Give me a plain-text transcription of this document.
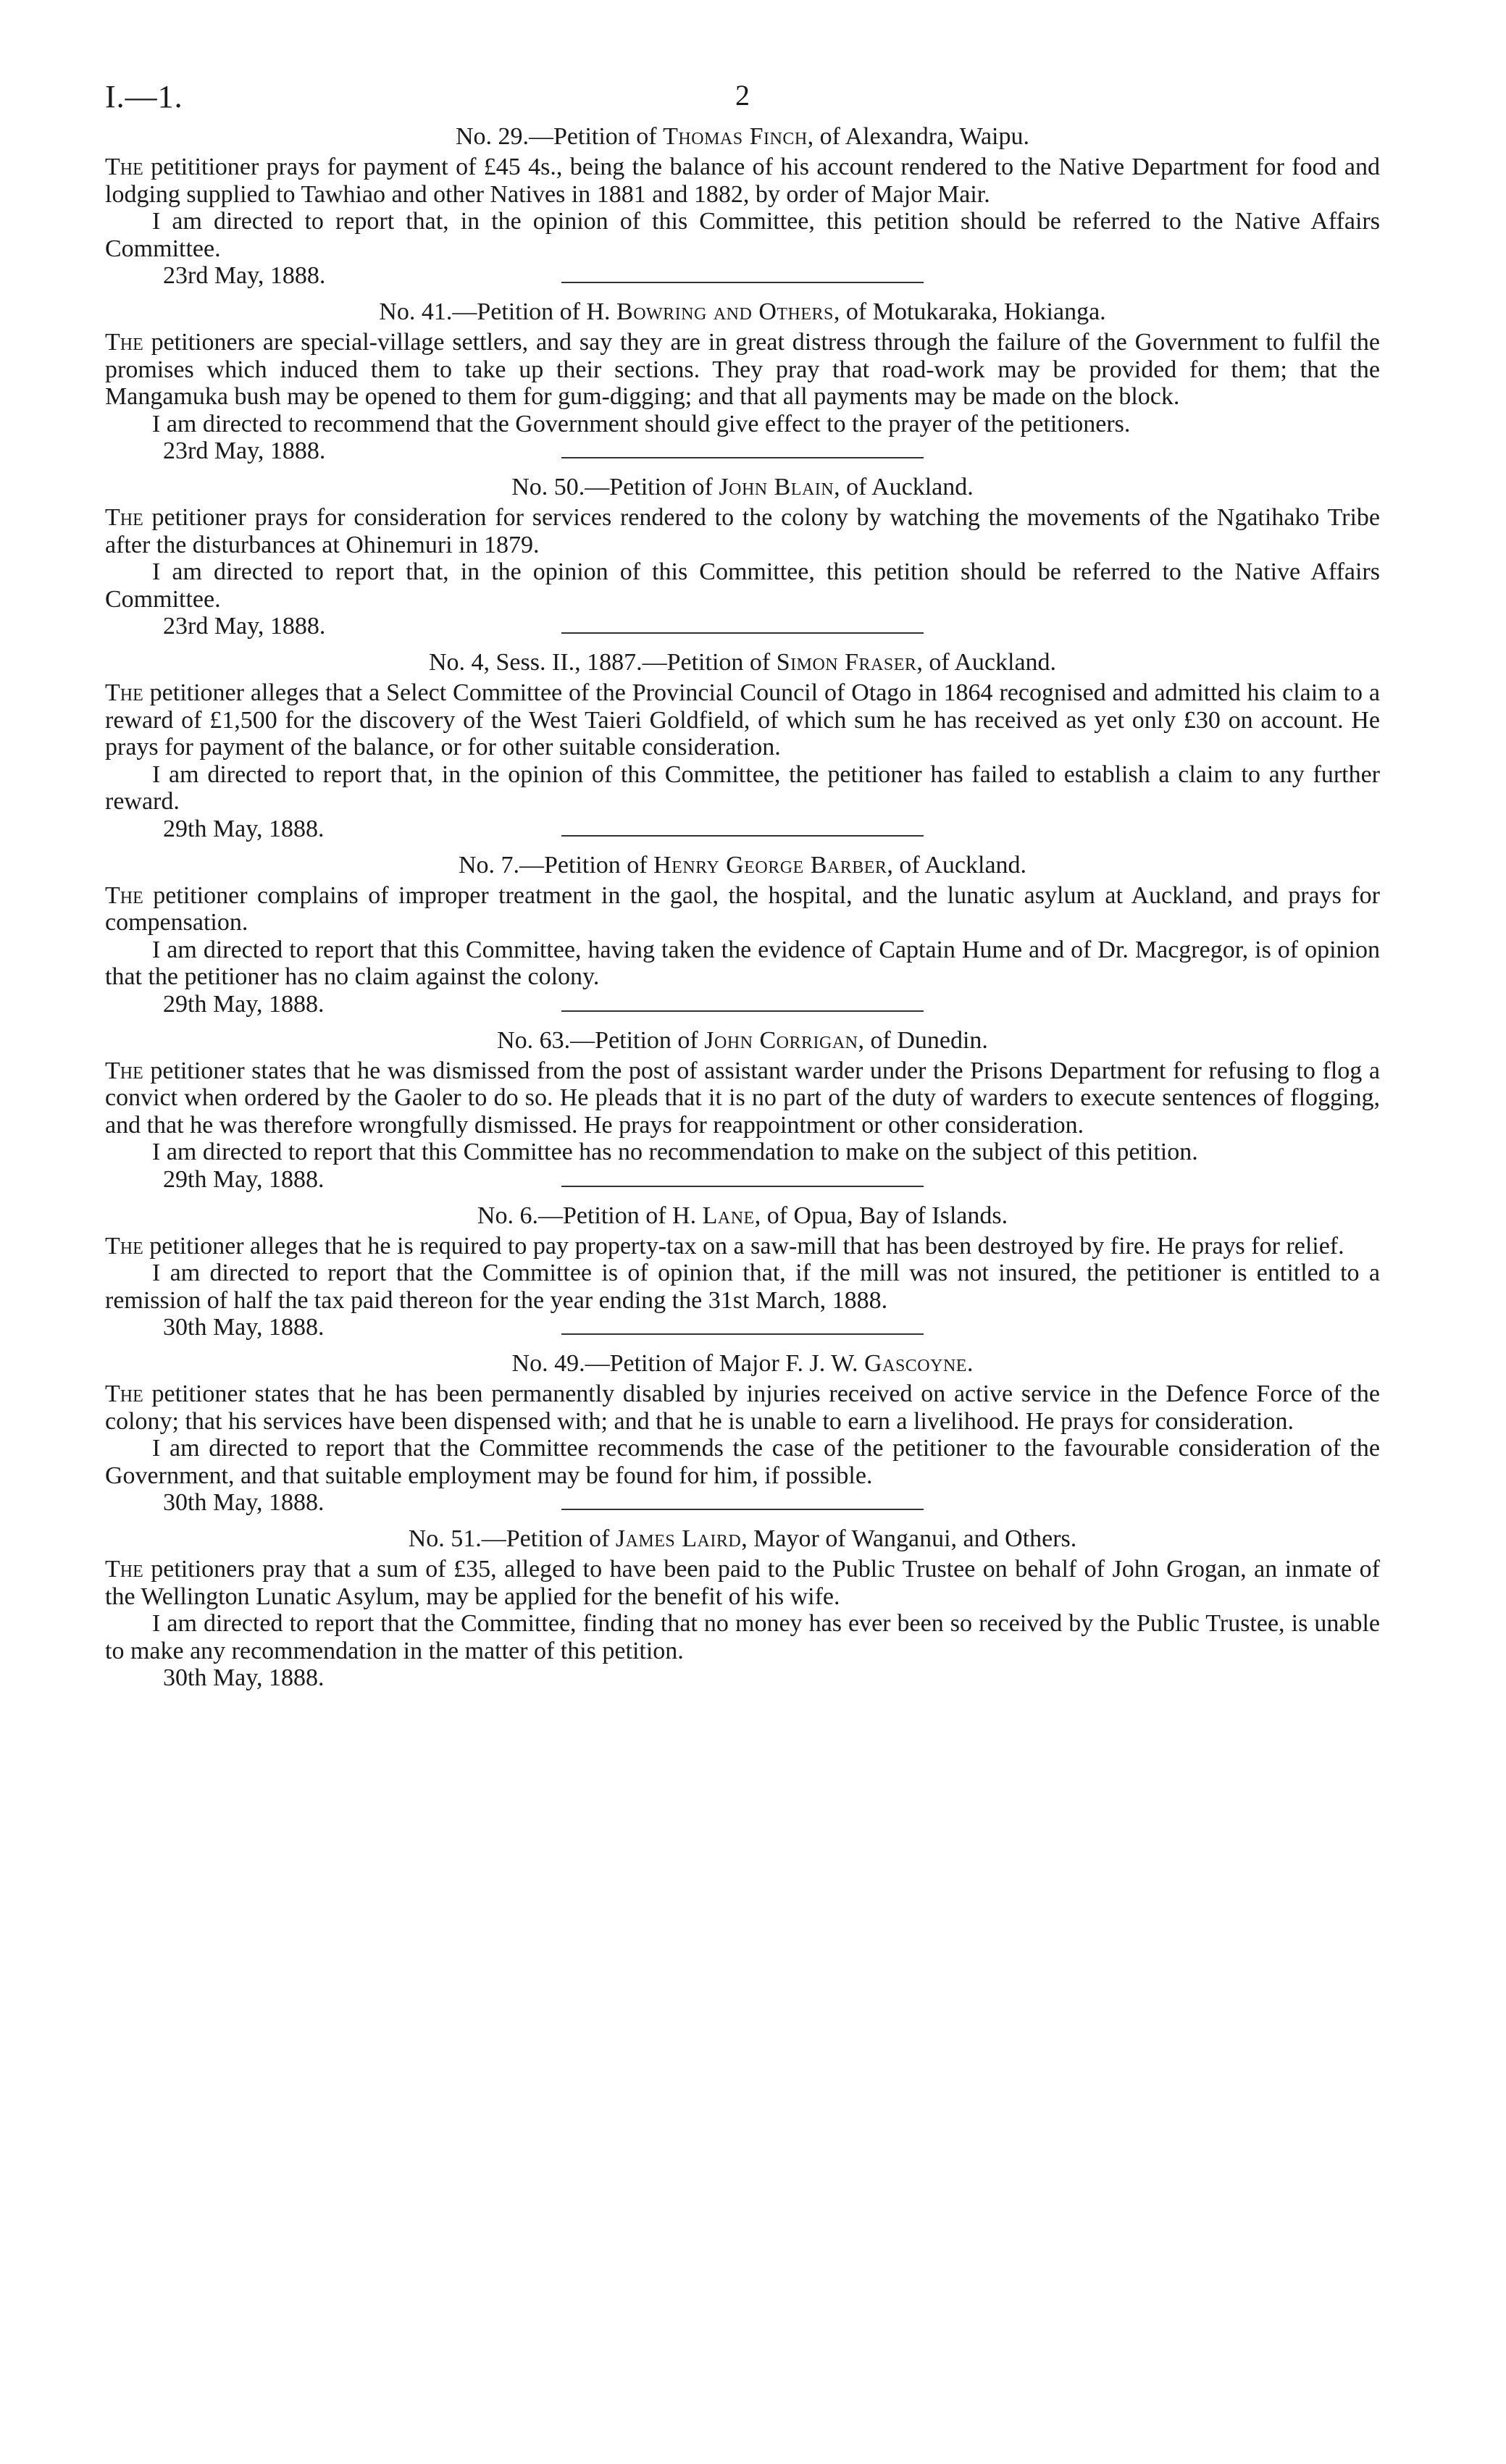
I.—1.	2
No. 29.—Petition of Thomas Finch, of Alexandra, Waipu.

The petititioner prays for payment of £45 4s., being the balance of his account rendered to the Native Department for food and lodging supplied to Tawhiao and other Natives in 1881 and 1882, by order of Major Mair.

I am directed to report that, in the opinion of this Committee, this petition should be referred to the Native Affairs Committee.

23rd May, 1888.
No. 41.—Petition of H. Bowring and Others, of Motukaraka, Hokianga.

The petitioners are special-village settlers, and say they are in great distress through the failure of the Government to fulfil the promises which induced them to take up their sections. They pray that road-work may be provided for them; that the Mangamuka bush may be opened to them for gum-digging; and that all payments may be made on the block.

I am directed to recommend that the Government should give effect to the prayer of the petitioners.

23rd May, 1888.
No. 50.—Petition of John Blain, of Auckland.

The petitioner prays for consideration for services rendered to the colony by watching the movements of the Ngatihako Tribe after the disturbances at Ohinemuri in 1879.

I am directed to report that, in the opinion of this Committee, this petition should be referred to the Native Affairs Committee.

23rd May, 1888.
No. 4, Sess. II., 1887.—Petition of Simon Fraser, of Auckland.

The petitioner alleges that a Select Committee of the Provincial Council of Otago in 1864 recognised and admitted his claim to a reward of £1,500 for the discovery of the West Taieri Goldfield, of which sum he has received as yet only £30 on account. He prays for payment of the balance, or for other suitable consideration.

I am directed to report that, in the opinion of this Committee, the petitioner has failed to establish a claim to any further reward.

29th May, 1888.
No. 7.—Petition of Henry George Barber, of Auckland.

The petitioner complains of improper treatment in the gaol, the hospital, and the lunatic asylum at Auckland, and prays for compensation.

I am directed to report that this Committee, having taken the evidence of Captain Hume and of Dr. Macgregor, is of opinion that the petitioner has no claim against the colony.

29th May, 1888.
No. 63.—Petition of John Corrigan, of Dunedin.

The petitioner states that he was dismissed from the post of assistant warder under the Prisons Department for refusing to flog a convict when ordered by the Gaoler to do so. He pleads that it is no part of the duty of warders to execute sentences of flogging, and that he was therefore wrongfully dismissed. He prays for reappointment or other consideration.

I am directed to report that this Committee has no recommendation to make on the subject of this petition.

29th May, 1888.
No. 6.—Petition of H. Lane, of Opua, Bay of Islands.

The petitioner alleges that he is required to pay property-tax on a saw-mill that has been destroyed by fire. He prays for relief.

I am directed to report that the Committee is of opinion that, if the mill was not insured, the petitioner is entitled to a remission of half the tax paid thereon for the year ending the 31st March, 1888.

30th May, 1888.
No. 49.—Petition of Major F. J. W. Gascoyne.

The petitioner states that he has been permanently disabled by injuries received on active service in the Defence Force of the colony; that his services have been dispensed with; and that he is unable to earn a livelihood. He prays for consideration.

I am directed to report that the Committee recommends the case of the petitioner to the favourable consideration of the Government, and that suitable employment may be found for him, if possible.

30th May, 1888.
No. 51.—Petition of James Laird, Mayor of Wanganui, and Others.

The petitioners pray that a sum of £35, alleged to have been paid to the Public Trustee on behalf of John Grogan, an inmate of the Wellington Lunatic Asylum, may be applied for the benefit of his wife.

I am directed to report that the Committee, finding that no money has ever been so received by the Public Trustee, is unable to make any recommendation in the matter of this petition.

30th May, 1888.
